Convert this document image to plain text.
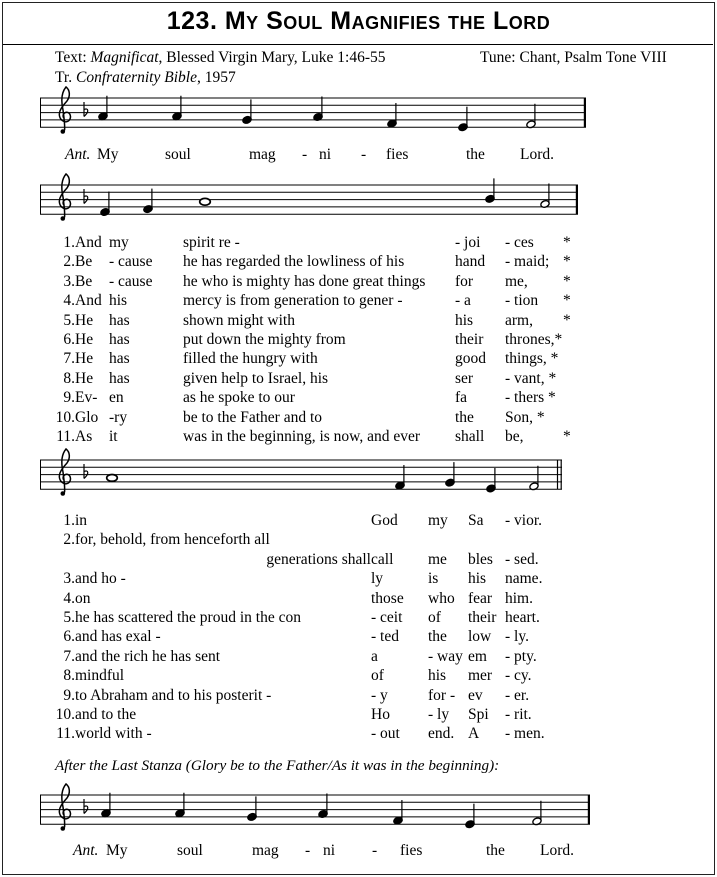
123. My Soul Magnifies the Lord
Text: Magnificat, Blessed Virgin Mary, Luke 1:46-55	Tune: Chant, Psalm Tone VIII
Tr. Confraternity Bible, 1957
Ant. My	soul	mag - ni - fies	the Lord.
1.	And	my	spirit re -	- joi	- ces	*
2.	Be	- cause	he has regarded the lowliness of his	hand	- maid;	*
3.	Be	- cause	he who is mighty has done great things	for	me,	*
4.	And	his	mercy is from generation to gener -	- a	- tion	*
5.	He	has	shown might with	his	arm,	*
6.	He	has	put down the mighty from	their	thrones,*	
7.	He	has	filled the hungry with	good	things, *	
8.	He	has	given help to Israel, his	ser	- vant, *	
9.	Ev-	en	as he spoke to our	fa	- thers *	
10.	Glo	-ry	be to the Father and to	the	Son, *	
11.	As	it	was in the beginning, is now, and ever	shall	be,	*
1.	in	God	my	Sa	- vior.
2.	for, behold, from henceforth all				
	generations shall	call	me	bles	- sed.
3.	and ho -	ly	is	his	name.
4.	on	those	who	fear	him.
5.	he has scattered the proud in the con	- ceit	of	their	heart.
6.	and has exal -	- ted	the	low	- ly.
7.	and the rich he has sent	a	- way	em	- pty.
8.	mindful	of	his	mer	- cy.
9.	to Abraham and to his posterit -	- y	for -	ev	- er.
10.	and to the	Ho	- ly	Spi	- rit.
11.	world with -	- out	end.	A	- men.
After the Last Stanza (Glory be to the Father/As it was in the beginning):
Ant. My	soul	mag - ni - fies	the Lord.
